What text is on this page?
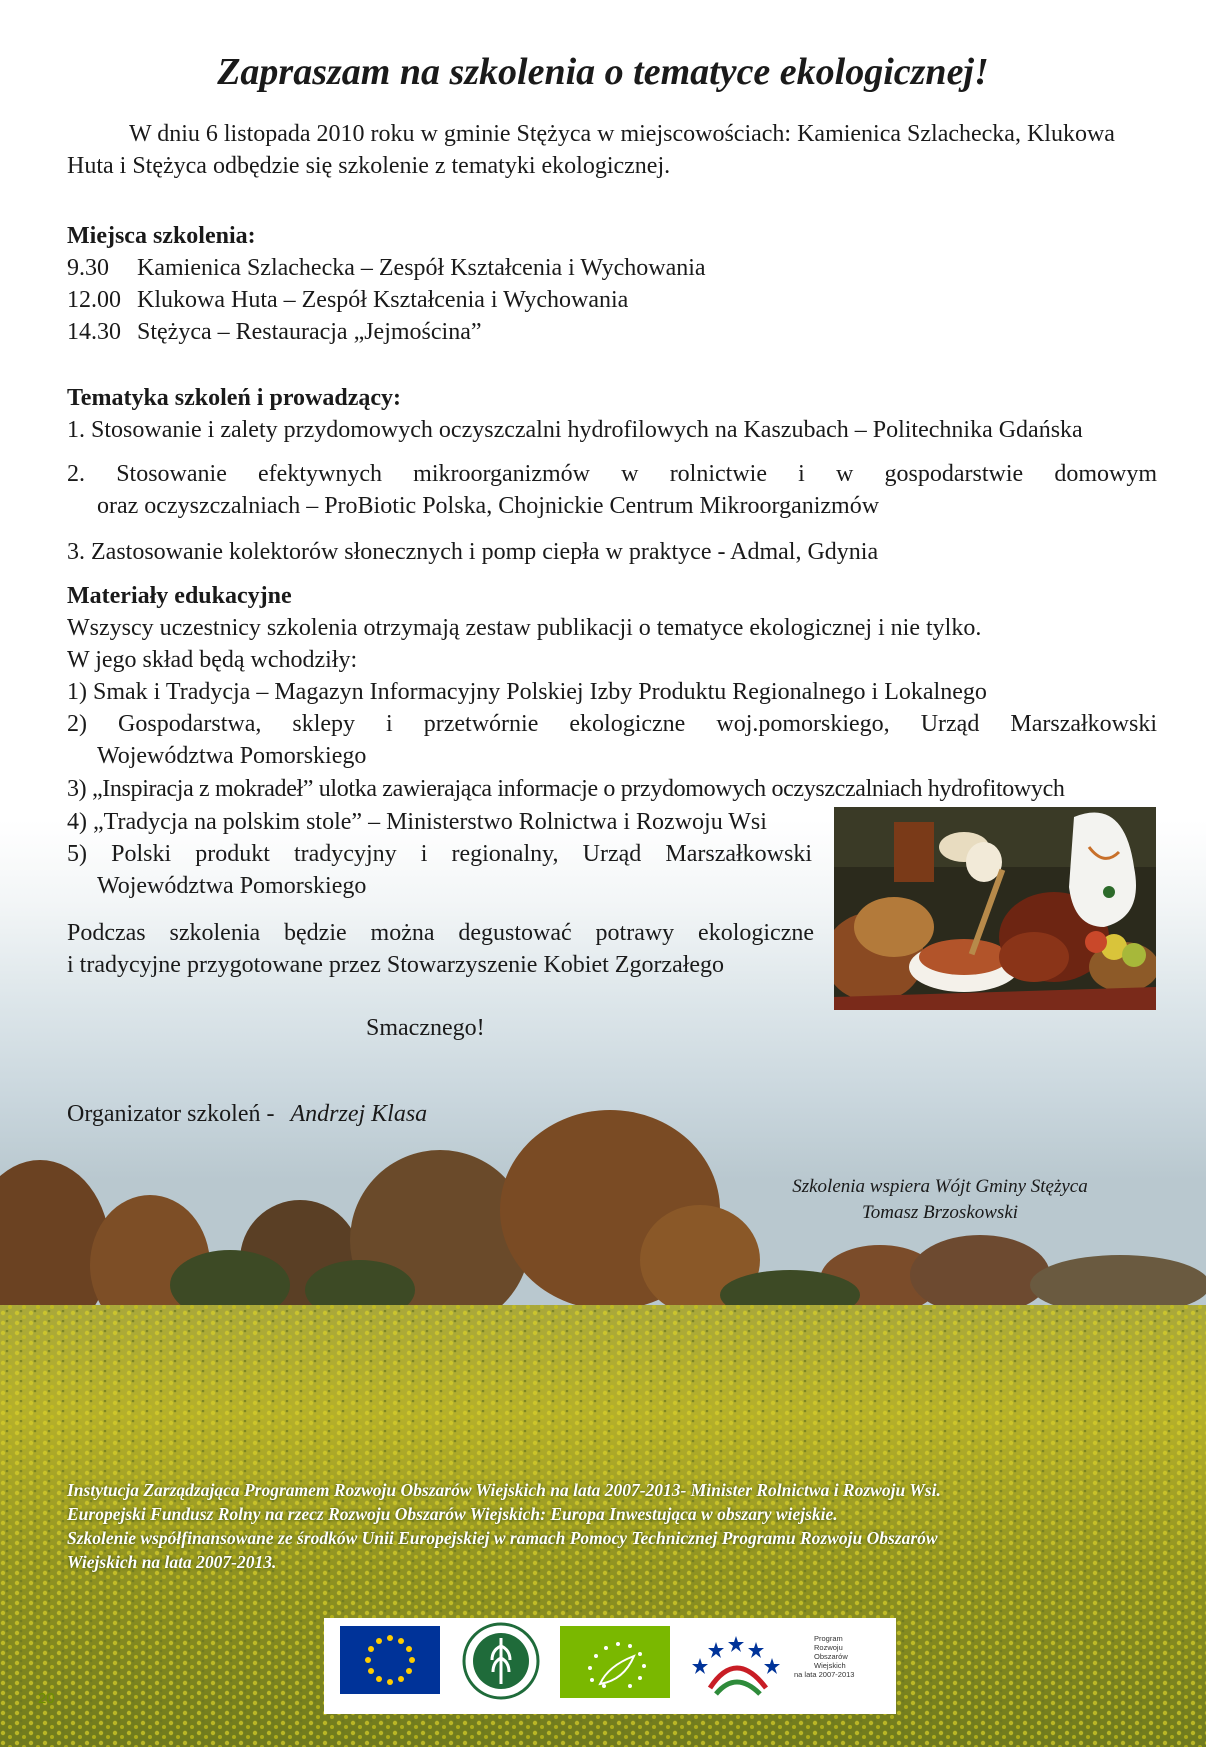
Zapraszam na szkolenia o tematyce ekologicznej!

W dniu 6 listopada 2010 roku w gminie Stężyca w miejscowościach: Kamienica Szlachecka, Klukowa Huta i Stężyca odbędzie się szkolenie z tematyki ekologicznej.

Miejsca szkolenia:

9.30 Kamienica Szlachecka – Zespół Kształcenia i Wychowania

12.00 Klukowa Huta – Zespół Kształcenia i Wychowania

14.30 Stężyca – Restauracja „Jejmościna”

Tematyka szkoleń i prowadzący:

1. Stosowanie i zalety przydomowych oczyszczalni hydrofilowych na Kaszubach – Politechnika Gdańska

2. Stosowanie efektywnych mikroorganizmów w rolnictwie i w gospodarstwie domowym

oraz oczyszczalniach – ProBiotic Polska, Chojnickie Centrum Mikroorganizmów

3. Zastosowanie kolektorów słonecznych i pomp ciepła w praktyce - Admal, Gdynia

Materiały edukacyjne

Wszyscy uczestnicy szkolenia otrzymają zestaw publikacji o tematyce ekologicznej i nie tylko.

W jego skład będą wchodziły:

1) Smak i Tradycja – Magazyn Informacyjny Polskiej Izby Produktu Regionalnego i Lokalnego

2) Gospodarstwa, sklepy i przetwórnie ekologiczne woj.pomorskiego, Urząd Marszałkowski

Województwa Pomorskiego

3) „Inspiracja z mokradeł” ulotka zawierająca informacje o przydomowych oczyszczalniach hydrofitowych

4) „Tradycja na polskim stole” – Ministerstwo Rolnictwa i Rozwoju Wsi

5) Polski produkt tradycyjny i regionalny, Urząd Marszałkowski

Województwa Pomorskiego

Podczas szkolenia będzie można degustować potrawy ekologiczne

i tradycyjne przygotowane przez Stowarzyszenie Kobiet Zgorzałego

Smacznego!

Organizator szkoleń - Andrzej Klasa

Szkolenia wspiera Wójt Gminy Stężyca
Tomasz Brzoskowski

Instytucja Zarządzająca Programem Rozwoju Obszarów Wiejskich na lata 2007-2013- Minister Rolnictwa i Rozwoju Wsi.
Europejski Fundusz Rolny na rzecz Rozwoju Obszarów Wiejskich: Europa Inwestująca w obszary wiejskie.
Szkolenie współfinansowane ze środków Unii Europejskiej w ramach Pomocy Technicznej Programu Rozwoju Obszarów
Wiejskich na lata 2007-2013.

Program
Rozwoju
Obszarów
Wiejskich
na lata 2007-2013
20
